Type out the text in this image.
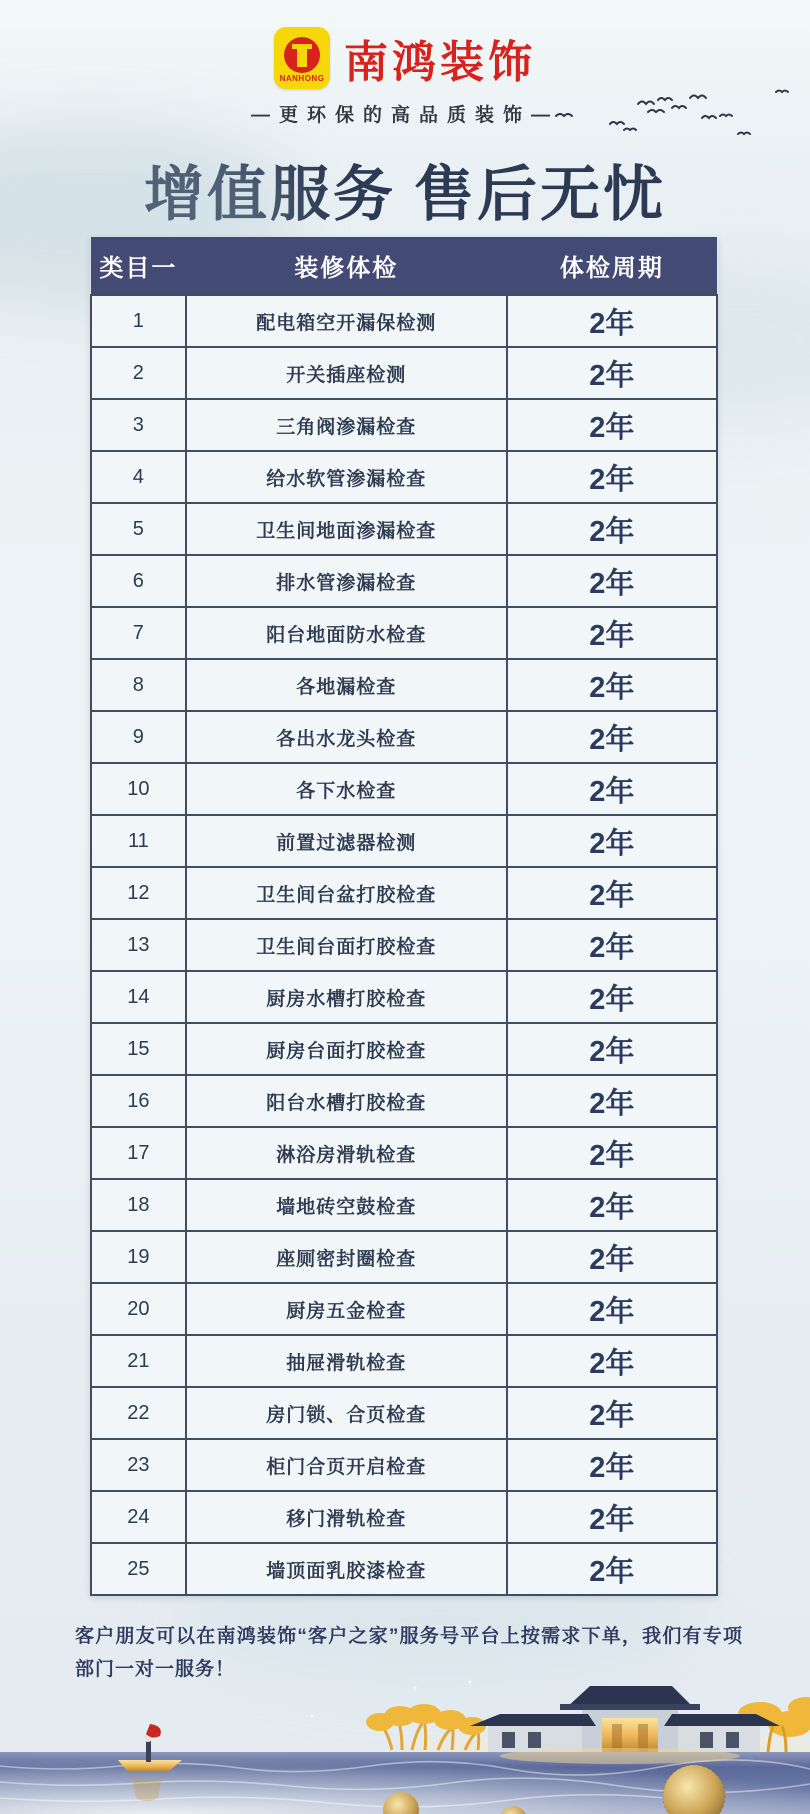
NANHONG 南鸿装饰
—更环保的高品质装饰—
增值服务 售后无忧
类目一	装修体检	体检周期
1	配电箱空开漏保检测	2年
2	开关插座检测	2年
3	三角阀渗漏检查	2年
4	给水软管渗漏检查	2年
5	卫生间地面渗漏检查	2年
6	排水管渗漏检查	2年
7	阳台地面防水检查	2年
8	各地漏检查	2年
9	各出水龙头检查	2年
10	各下水检查	2年
11	前置过滤器检测	2年
12	卫生间台盆打胶检查	2年
13	卫生间台面打胶检查	2年
14	厨房水槽打胶检查	2年
15	厨房台面打胶检查	2年
16	阳台水槽打胶检查	2年
17	淋浴房滑轨检查	2年
18	墙地砖空鼓检查	2年
19	座厕密封圈检查	2年
20	厨房五金检查	2年
21	抽屉滑轨检查	2年
22	房门锁、合页检查	2年
23	柜门合页开启检查	2年
24	移门滑轨检查	2年
25	墙顶面乳胶漆检查	2年

客户朋友可以在南鸿装饰“客户之家”服务号平台上按需求下单，我们有专项部门一对一服务！
